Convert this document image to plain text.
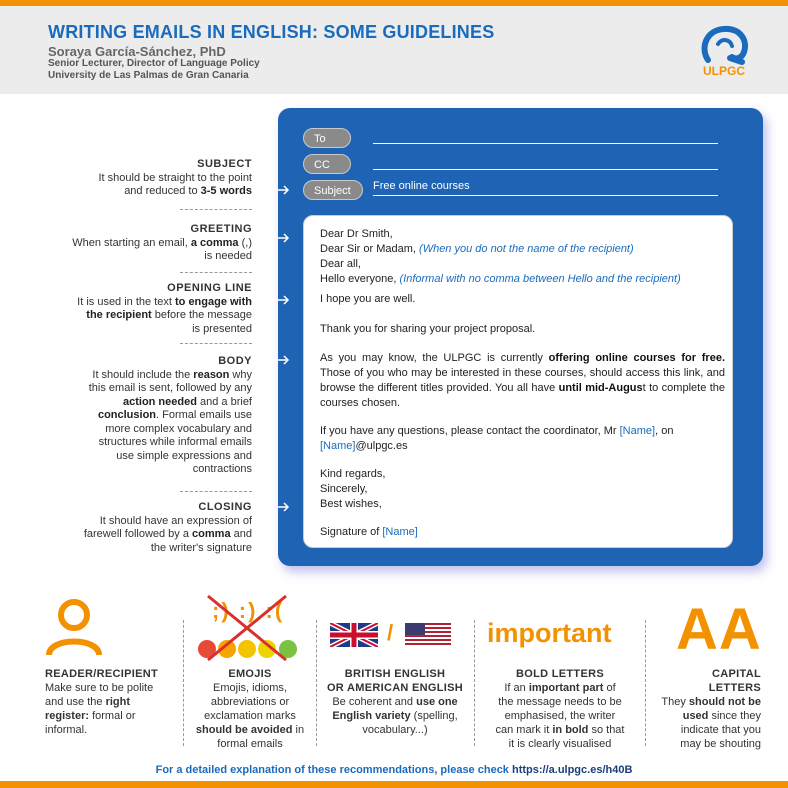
WRITING EMAILS IN ENGLISH: SOME GUIDELINES
Soraya García-Sánchez, PhD
Senior Lecturer, Director of Language Policy
University de Las Palmas de Gran Canaria	ULPGC
SUBJECT
It should be straight to the point
and reduced to 3-5 words
GREETING
When starting an email, a comma (,)
is needed
OPENING LINE
It is used in the text to engage with
the recipient before the message
is presented
BODY
It should include the reason why
this email is sent, followed by any
action needed and a brief
conclusion. Formal emails use
more complex vocabulary and
structures while informal emails
use simple expressions and
contractions
CLOSING
It should have an expression of
farewell followed by a comma and
the writer's signature
To
CC
Subject	Free online courses
Dear Dr Smith,
Dear Sir or Madam, (When you do not the name of the recipient)
Dear all,
Hello everyone, (Informal with no comma between Hello and the recipient)
I hope you are well.
Thank you for sharing your project proposal.
As you may know, the ULPGC is currently offering online courses for free. Those of you who may be interested in these courses, should access this link, and browse the different titles provided. You all have until mid-August to complete the courses chosen.
If you have any questions, please contact the coordinator, Mr [Name], on
[Name]@ulpgc.es
Kind regards,
Sincerely,
Best wishes,
Signature of [Name]
READER/RECIPIENT
Make sure to be polite
and use the right
register: formal or
informal.
;) :) :(
EMOJIS
Emojis, idioms,
abbreviations or
exclamation marks
should be avoided in
formal emails
/
BRITISH ENGLISH
OR AMERICAN ENGLISH
Be coherent and use one
English variety (spelling,
vocabulary...)
important
BOLD LETTERS
If an important part of
the message needs to be
emphasised, the writer
can mark it in bold so that
it is clearly visualised
AA
CAPITAL
LETTERS
They should not be
used since they
indicate that you
may be shouting
For a detailed explanation of these recommendations, please check https://a.ulpgc.es/h40B
